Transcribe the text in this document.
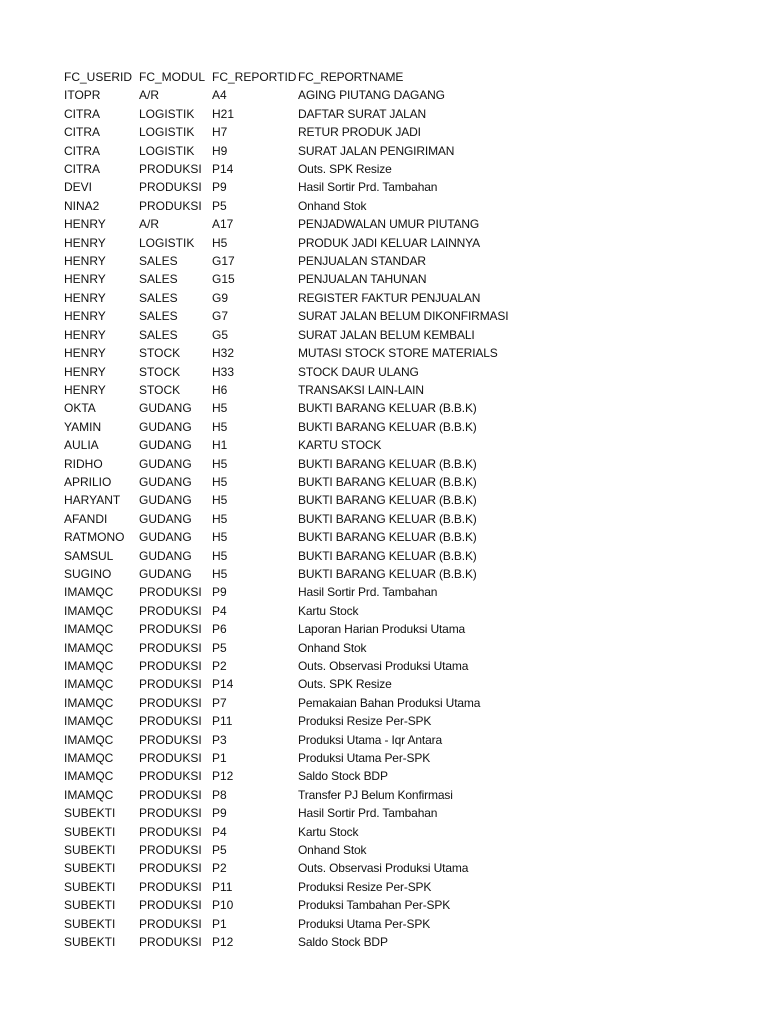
FC_USERID	FC_MODUL	FC_REPORTID	FC_REPORTNAME
ITOPR	A/R	A4	AGING PIUTANG DAGANG
CITRA	LOGISTIK	H21	DAFTAR SURAT JALAN
CITRA	LOGISTIK	H7	RETUR PRODUK JADI
CITRA	LOGISTIK	H9	SURAT JALAN PENGIRIMAN
CITRA	PRODUKSI	P14	Outs. SPK Resize
DEVI	PRODUKSI	P9	Hasil Sortir Prd. Tambahan
NINA2	PRODUKSI	P5	Onhand Stok
HENRY	A/R	A17	PENJADWALAN UMUR PIUTANG
HENRY	LOGISTIK	H5	PRODUK JADI KELUAR LAINNYA
HENRY	SALES	G17	PENJUALAN STANDAR
HENRY	SALES	G15	PENJUALAN TAHUNAN
HENRY	SALES	G9	REGISTER FAKTUR PENJUALAN
HENRY	SALES	G7	SURAT JALAN BELUM DIKONFIRMASI
HENRY	SALES	G5	SURAT JALAN BELUM KEMBALI
HENRY	STOCK	H32	MUTASI STOCK STORE MATERIALS
HENRY	STOCK	H33	STOCK DAUR ULANG
HENRY	STOCK	H6	TRANSAKSI LAIN-LAIN
OKTA	GUDANG	H5	BUKTI BARANG KELUAR (B.B.K)
YAMIN	GUDANG	H5	BUKTI BARANG KELUAR (B.B.K)
AULIA	GUDANG	H1	KARTU STOCK
RIDHO	GUDANG	H5	BUKTI BARANG KELUAR (B.B.K)
APRILIO	GUDANG	H5	BUKTI BARANG KELUAR (B.B.K)
HARYANT	GUDANG	H5	BUKTI BARANG KELUAR (B.B.K)
AFANDI	GUDANG	H5	BUKTI BARANG KELUAR (B.B.K)
RATMONO	GUDANG	H5	BUKTI BARANG KELUAR (B.B.K)
SAMSUL	GUDANG	H5	BUKTI BARANG KELUAR (B.B.K)
SUGINO	GUDANG	H5	BUKTI BARANG KELUAR (B.B.K)
IMAMQC	PRODUKSI	P9	Hasil Sortir Prd. Tambahan
IMAMQC	PRODUKSI	P4	Kartu Stock
IMAMQC	PRODUKSI	P6	Laporan Harian Produksi Utama
IMAMQC	PRODUKSI	P5	Onhand Stok
IMAMQC	PRODUKSI	P2	Outs. Observasi Produksi Utama
IMAMQC	PRODUKSI	P14	Outs. SPK Resize
IMAMQC	PRODUKSI	P7	Pemakaian Bahan Produksi Utama
IMAMQC	PRODUKSI	P11	Produksi Resize Per-SPK
IMAMQC	PRODUKSI	P3	Produksi Utama - Iqr Antara
IMAMQC	PRODUKSI	P1	Produksi Utama Per-SPK
IMAMQC	PRODUKSI	P12	Saldo Stock BDP
IMAMQC	PRODUKSI	P8	Transfer PJ Belum Konfirmasi
SUBEKTI	PRODUKSI	P9	Hasil Sortir Prd. Tambahan
SUBEKTI	PRODUKSI	P4	Kartu Stock
SUBEKTI	PRODUKSI	P5	Onhand Stok
SUBEKTI	PRODUKSI	P2	Outs. Observasi Produksi Utama
SUBEKTI	PRODUKSI	P11	Produksi Resize Per-SPK
SUBEKTI	PRODUKSI	P10	Produksi Tambahan Per-SPK
SUBEKTI	PRODUKSI	P1	Produksi Utama Per-SPK
SUBEKTI	PRODUKSI	P12	Saldo Stock BDP
